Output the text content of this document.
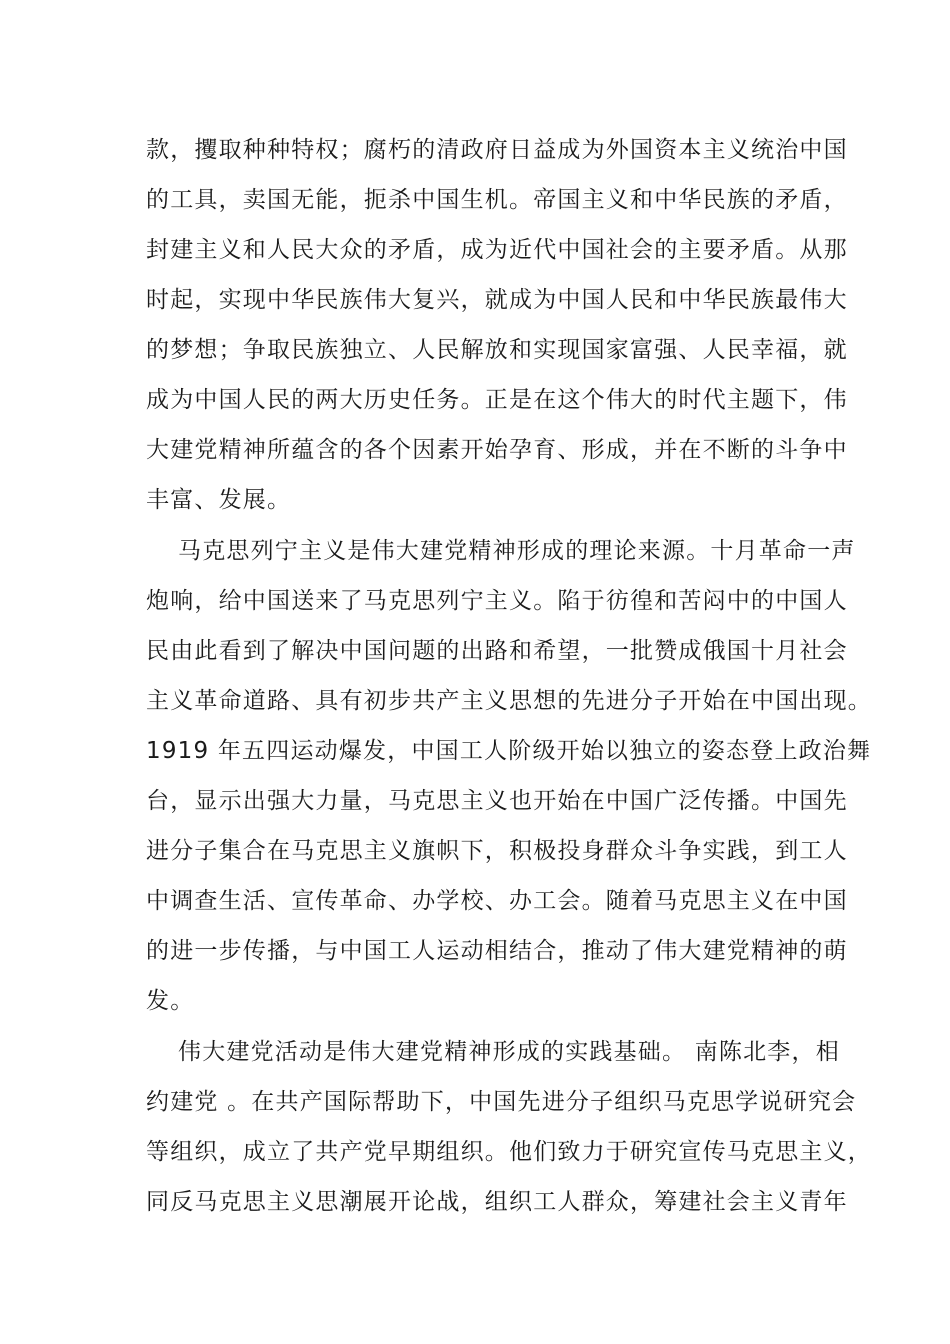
款，攫取种种特权；腐朽的清政府日益成为外国资本主义统治中国
的工具，卖国无能，扼杀中国生机。帝国主义和中华民族的矛盾，
封建主义和人民大众的矛盾，成为近代中国社会的主要矛盾。从那
时起，实现中华民族伟大复兴，就成为中国人民和中华民族最伟大
的梦想；争取民族独立、人民解放和实现国家富强、人民幸福，就
成为中国人民的两大历史任务。正是在这个伟大的时代主题下，伟
大建党精神所蕴含的各个因素开始孕育、形成，并在不断的斗争中
丰富、发展。
马克思列宁主义是伟大建党精神形成的理论来源。十月革命一声
炮响，给中国送来了马克思列宁主义。陷于彷徨和苦闷中的中国人
民由此看到了解决中国问题的出路和希望，一批赞成俄国十月社会
主义革命道路、具有初步共产主义思想的先进分子开始在中国出现。
1919 年五四运动爆发，中国工人阶级开始以独立的姿态登上政治舞
台，显示出强大力量，马克思主义也开始在中国广泛传播。中国先
进分子集合在马克思主义旗帜下，积极投身群众斗争实践，到工人
中调查生活、宣传革命、办学校、办工会。随着马克思主义在中国
的进一步传播，与中国工人运动相结合，推动了伟大建党精神的萌
发。
伟大建党活动是伟大建党精神形成的实践基础。 南陈北李，相
约建党 。在共产国际帮助下，中国先进分子组织马克思学说研究会
等组织，成立了共产党早期组织。他们致力于研究宣传马克思主义，
同反马克思主义思潮展开论战，组织工人群众，筹建社会主义青年
